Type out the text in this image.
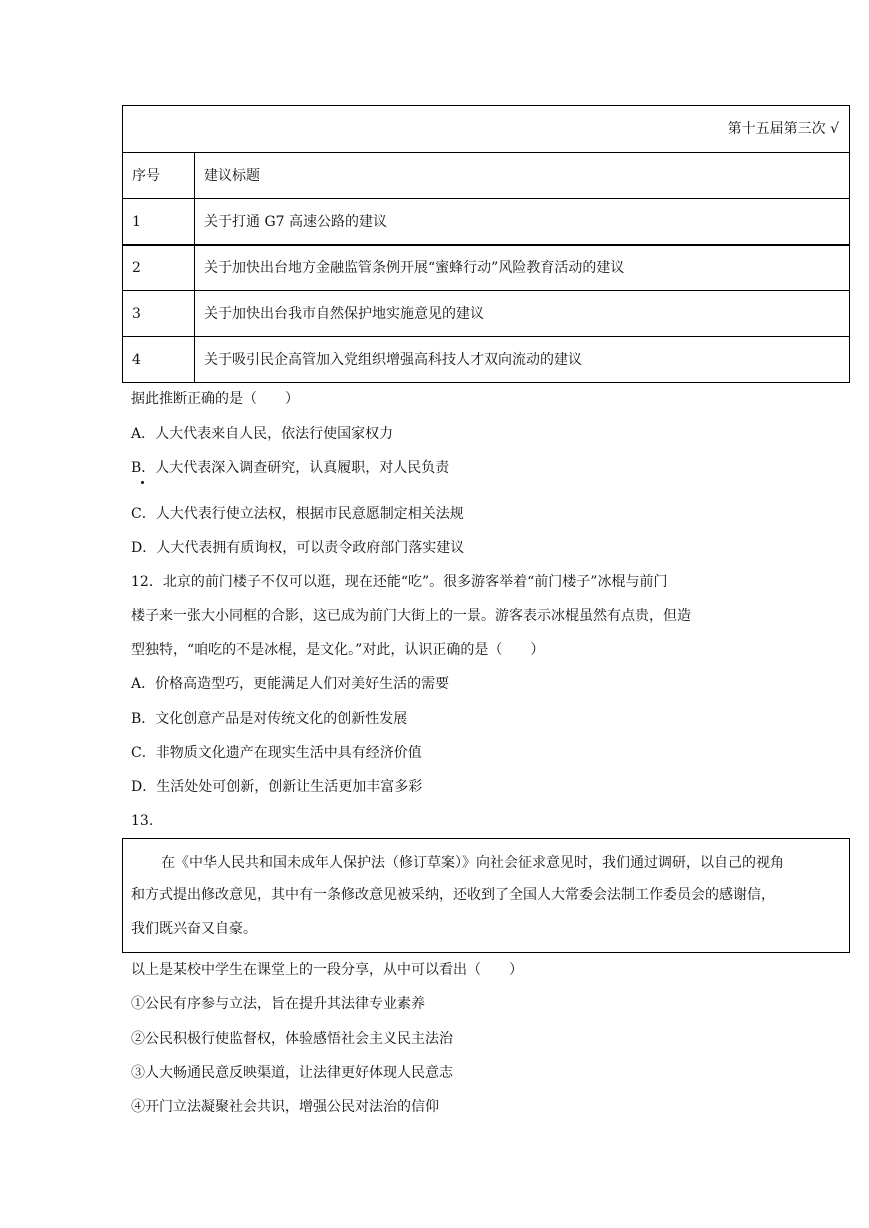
第十五届第三次 √
序号	建议标题
1	关于打通 G7 高速公路的建议
2	关于加快出台地方金融监管条例开展“蜜蜂行动”风险教育活动的建议
3	关于加快出台我市自然保护地实施意见的建议
4	关于吸引民企高管加入党组织增强高科技人才双向流动的建议
据此推断正确的是（　　）
A．人大代表来自人民，依法行使国家权力
B．人大代表深入调查研究，认真履职，对人民负责
C．人大代表行使立法权，根据市民意愿制定相关法规
D．人大代表拥有质询权，可以责令政府部门落实建议
12．北京的前门楼子不仅可以逛，现在还能“吃”。很多游客举着“前门楼子”冰棍与前门
楼子来一张大小同框的合影，这已成为前门大街上的一景。游客表示冰棍虽然有点贵，但造
型独特，“咱吃的不是冰棍，是文化。”对此，认识正确的是（　　）
A．价格高造型巧，更能满足人们对美好生活的需要
B．文化创意产品是对传统文化的创新性发展
C．非物质文化遗产在现实生活中具有经济价值
D．生活处处可创新，创新让生活更加丰富多彩
13.
在《中华人民共和国未成年人保护法（修订草案）》向社会征求意见时，我们通过调研，以自己的视角
和方式提出修改意见，其中有一条修改意见被采纳，还收到了全国人大常委会法制工作委员会的感谢信，
我们既兴奋又自豪。
以上是某校中学生在课堂上的一段分享，从中可以看出（　　）
①公民有序参与立法，旨在提升其法律专业素养
②公民积极行使监督权，体验感悟社会主义民主法治
③人大畅通民意反映渠道，让法律更好体现人民意志
④开门立法凝聚社会共识，增强公民对法治的信仰
